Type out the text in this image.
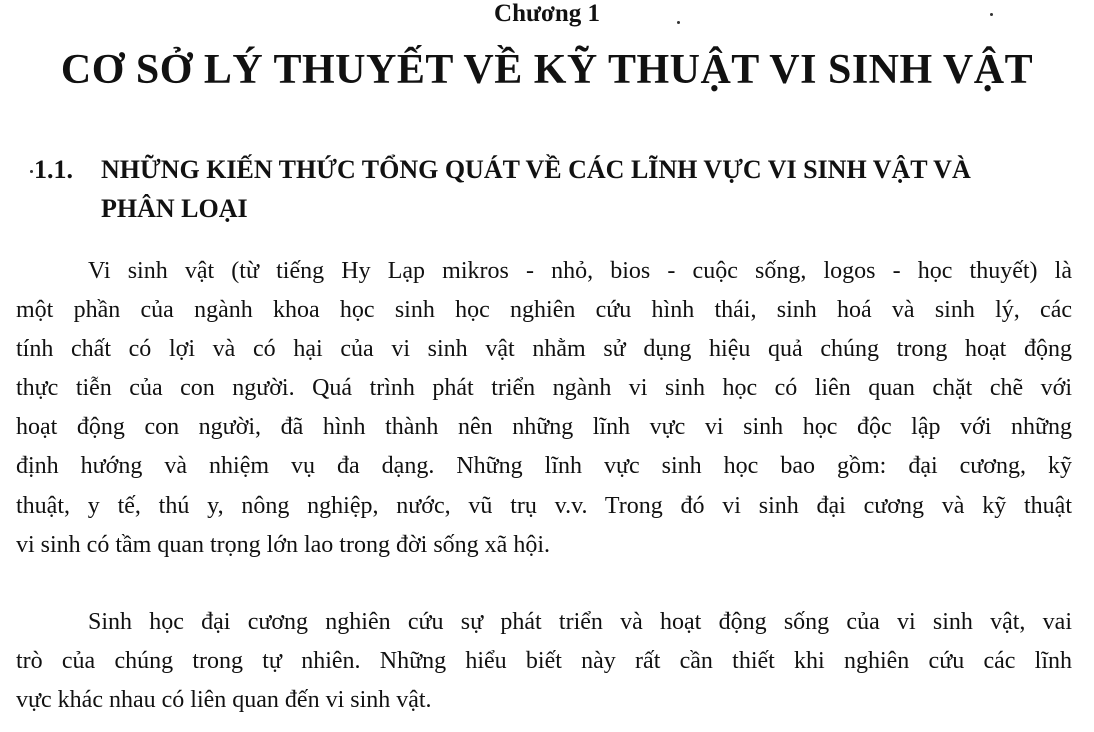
Chương 1
CƠ SỞ LÝ THUYẾT VỀ KỸ THUẬT VI SINH VẬT
1.1. NHỮNG KIẾN THỨC TỔNG QUÁT VỀ CÁC LĨNH VỰC VI SINH VẬT VÀ
PHÂN LOẠI
Vi sinh vật (từ tiếng Hy Lạp mikros - nhỏ, bios - cuộc sống, logos - học thuyết) là
một phần của ngành khoa học sinh học nghiên cứu hình thái, sinh hoá và sinh lý, các
tính chất có lợi và có hại của vi sinh vật nhằm sử dụng hiệu quả chúng trong hoạt động
thực tiễn của con người. Quá trình phát triển ngành vi sinh học có liên quan chặt chẽ với
hoạt động con người, đã hình thành nên những lĩnh vực vi sinh học độc lập với những
định hướng và nhiệm vụ đa dạng. Những lĩnh vực sinh học bao gồm: đại cương, kỹ
thuật, y tế, thú y, nông nghiệp, nước, vũ trụ v.v. Trong đó vi sinh đại cương và kỹ thuật
vi sinh có tầm quan trọng lớn lao trong đời sống xã hội.
Sinh học đại cương nghiên cứu sự phát triển và hoạt động sống của vi sinh vật, vai
trò của chúng trong tự nhiên. Những hiểu biết này rất cần thiết khi nghiên cứu các lĩnh
vực khác nhau có liên quan đến vi sinh vật.
